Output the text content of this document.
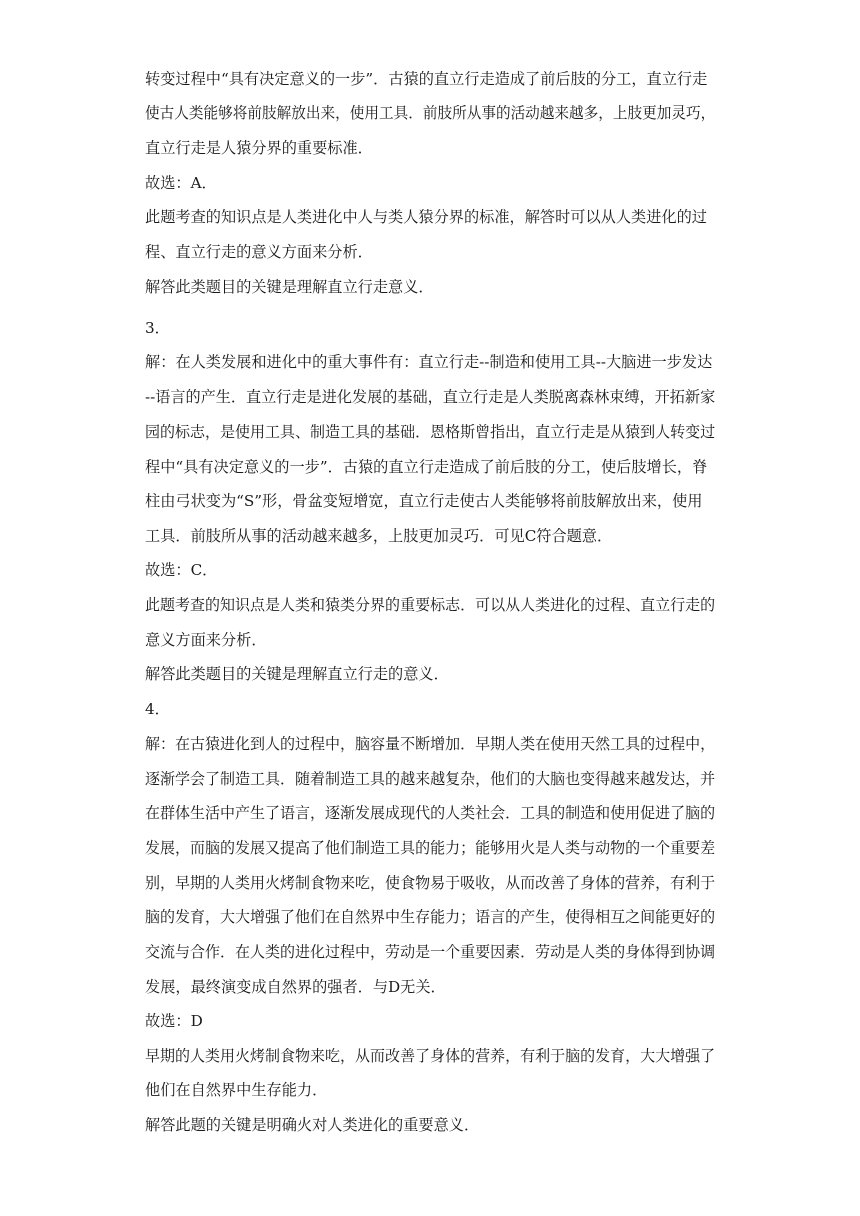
转变过程中“具有决定意义的一步”．古猿的直立行走造成了前后肢的分工，直立行走

使古人类能够将前肢解放出来，使用工具．前肢所从事的活动越来越多，上肢更加灵巧，

直立行走是人猿分界的重要标准．

故选：A．

此题考查的知识点是人类进化中人与类人猿分界的标准，解答时可以从人类进化的过

程、直立行走的意义方面来分析．

解答此类题目的关键是理解直立行走意义．

3．

解：在人类发展和进化中的重大事件有：直立行走--制造和使用工具--大脑进一步发达

--语言的产生．直立行走是进化发展的基础，直立行走是人类脱离森林束缚，开拓新家

园的标志，是使用工具、制造工具的基础．恩格斯曾指出，直立行走是从猿到人转变过

程中“具有决定意义的一步”．古猿的直立行走造成了前后肢的分工，使后肢增长，脊

柱由弓状变为“S”形，骨盆变短增宽，直立行走使古人类能够将前肢解放出来，使用

工具．前肢所从事的活动越来越多，上肢更加灵巧．可见C符合题意．

故选：C．

此题考查的知识点是人类和猿类分界的重要标志．可以从人类进化的过程、直立行走的

意义方面来分析．

解答此类题目的关键是理解直立行走的意义．

4．

解：在古猿进化到人的过程中，脑容量不断增加．早期人类在使用天然工具的过程中，

逐渐学会了制造工具．随着制造工具的越来越复杂，他们的大脑也变得越来越发达，并

在群体生活中产生了语言，逐渐发展成现代的人类社会．工具的制造和使用促进了脑的

发展，而脑的发展又提高了他们制造工具的能力；能够用火是人类与动物的一个重要差

别，早期的人类用火烤制食物来吃，使食物易于吸收，从而改善了身体的营养，有利于

脑的发育，大大增强了他们在自然界中生存能力；语言的产生，使得相互之间能更好的

交流与合作．在人类的进化过程中，劳动是一个重要因素．劳动是人类的身体得到协调

发展，最终演变成自然界的强者．与D无关．

故选：D

早期的人类用火烤制食物来吃，从而改善了身体的营养，有利于脑的发育，大大增强了

他们在自然界中生存能力．

解答此题的关键是明确火对人类进化的重要意义．
